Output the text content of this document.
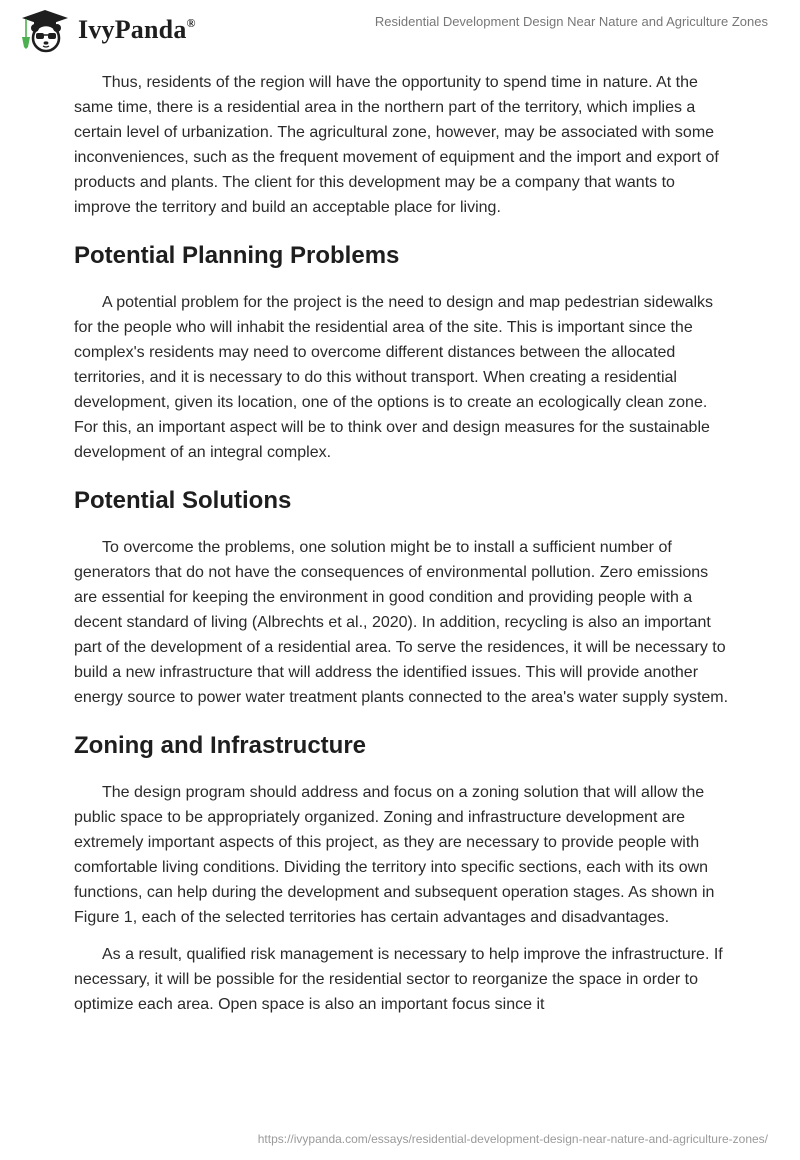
IvyPanda®	Residential Development Design Near Nature and Agriculture Zones

Thus, residents of the region will have the opportunity to spend time in nature. At the same time, there is a residential area in the northern part of the territory, which implies a certain level of urbanization. The agricultural zone, however, may be associated with some inconveniences, such as the frequent movement of equipment and the import and export of products and plants. The client for this development may be a company that wants to improve the territory and build an acceptable place for living.

Potential Planning Problems

A potential problem for the project is the need to design and map pedestrian sidewalks for the people who will inhabit the residential area of the site. This is important since the complex's residents may need to overcome different distances between the allocated territories, and it is necessary to do this without transport. When creating a residential development, given its location, one of the options is to create an ecologically clean zone. For this, an important aspect will be to think over and design measures for the sustainable development of an integral complex.

Potential Solutions

To overcome the problems, one solution might be to install a sufficient number of generators that do not have the consequences of environmental pollution. Zero emissions are essential for keeping the environment in good condition and providing people with a decent standard of living (Albrechts et al., 2020). In addition, recycling is also an important part of the development of a residential area. To serve the residences, it will be necessary to build a new infrastructure that will address the identified issues. This will provide another energy source to power water treatment plants connected to the area's water supply system.

Zoning and Infrastructure

The design program should address and focus on a zoning solution that will allow the public space to be appropriately organized. Zoning and infrastructure development are extremely important aspects of this project, as they are necessary to provide people with comfortable living conditions. Dividing the territory into specific sections, each with its own functions, can help during the development and subsequent operation stages. As shown in Figure 1, each of the selected territories has certain advantages and disadvantages.

As a result, qualified risk management is necessary to help improve the infrastructure. If necessary, it will be possible for the residential sector to reorganize the space in order to optimize each area. Open space is also an important focus since it

https://ivypanda.com/essays/residential-development-design-near-nature-and-agriculture-zones/
